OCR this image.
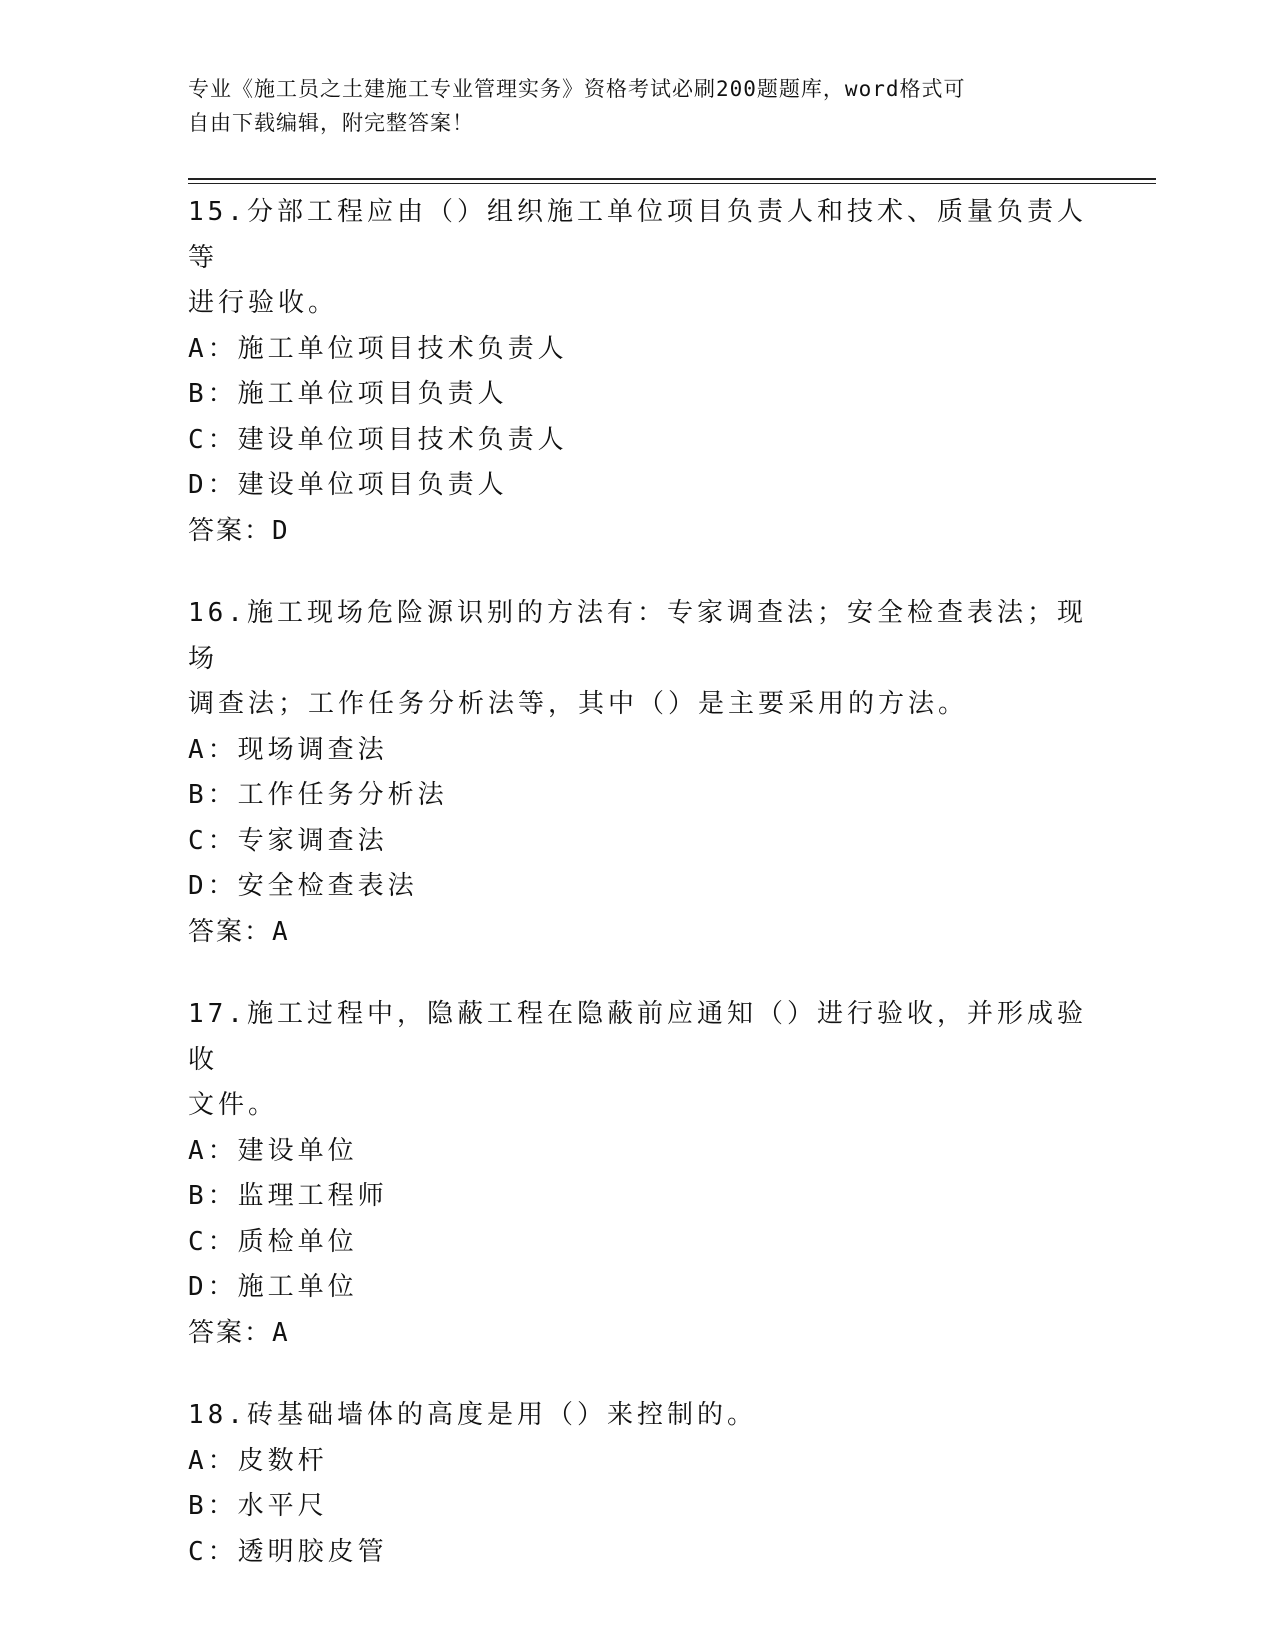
专业《施工员之土建施工专业管理实务》资格考试必刷200题题库，word格式可
自由下载编辑，附完整答案！
15.分部工程应由（）组织施工单位项目负责人和技术、质量负责人等
进行验收。
A：施工单位项目技术负责人
B：施工单位项目负责人
C：建设单位项目技术负责人
D：建设单位项目负责人
答案：D
16.施工现场危险源识别的方法有：专家调查法；安全检查表法；现场
调查法；工作任务分析法等，其中（）是主要采用的方法。
A：现场调查法
B：工作任务分析法
C：专家调查法
D：安全检查表法
答案：A
17.施工过程中，隐蔽工程在隐蔽前应通知（）进行验收，并形成验收
文件。
A：建设单位
B：监理工程师
C：质检单位
D：施工单位
答案：A
18.砖基础墙体的高度是用（）来控制的。
A：皮数杆
B：水平尺
C：透明胶皮管
